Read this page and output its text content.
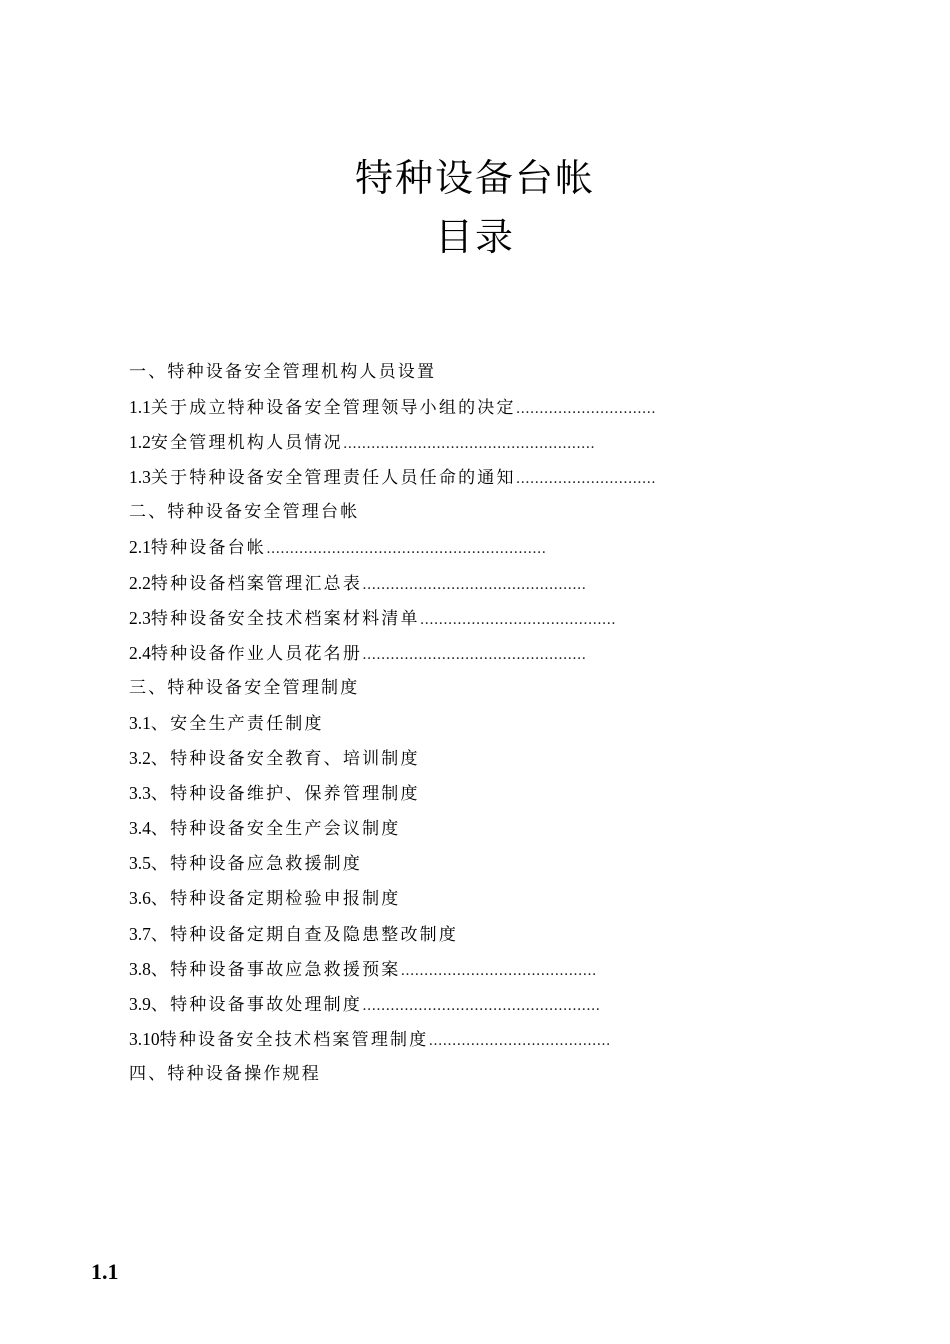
特种设备台帐
目录
一、特种设备安全管理机构人员设置
1.1关于成立特种设备安全管理领导小组的决定…………………………
1.2安全管理机构人员情况………………………………………………
1.3关于特种设备安全管理责任人员任命的通知…………………………
二、特种设备安全管理台帐
2.1特种设备台帐……………………………………………………
2.2特种设备档案管理汇总表…………………………………………
2.3特种设备安全技术档案材料清单……………………………………
2.4特种设备作业人员花名册…………………………………………
三、特种设备安全管理制度
3.1、安全生产责任制度
3.2、特种设备安全教育、培训制度
3.3、特种设备维护、保养管理制度
3.4、特种设备安全生产会议制度
3.5、特种设备应急救援制度
3.6、特种设备定期检验申报制度
3.7、特种设备定期自查及隐患整改制度
3.8、特种设备事故应急救援预案……………………………………
3.9、特种设备事故处理制度……………………………………………
3.10特种设备安全技术档案管理制度…………………………………
四、特种设备操作规程
1.1
